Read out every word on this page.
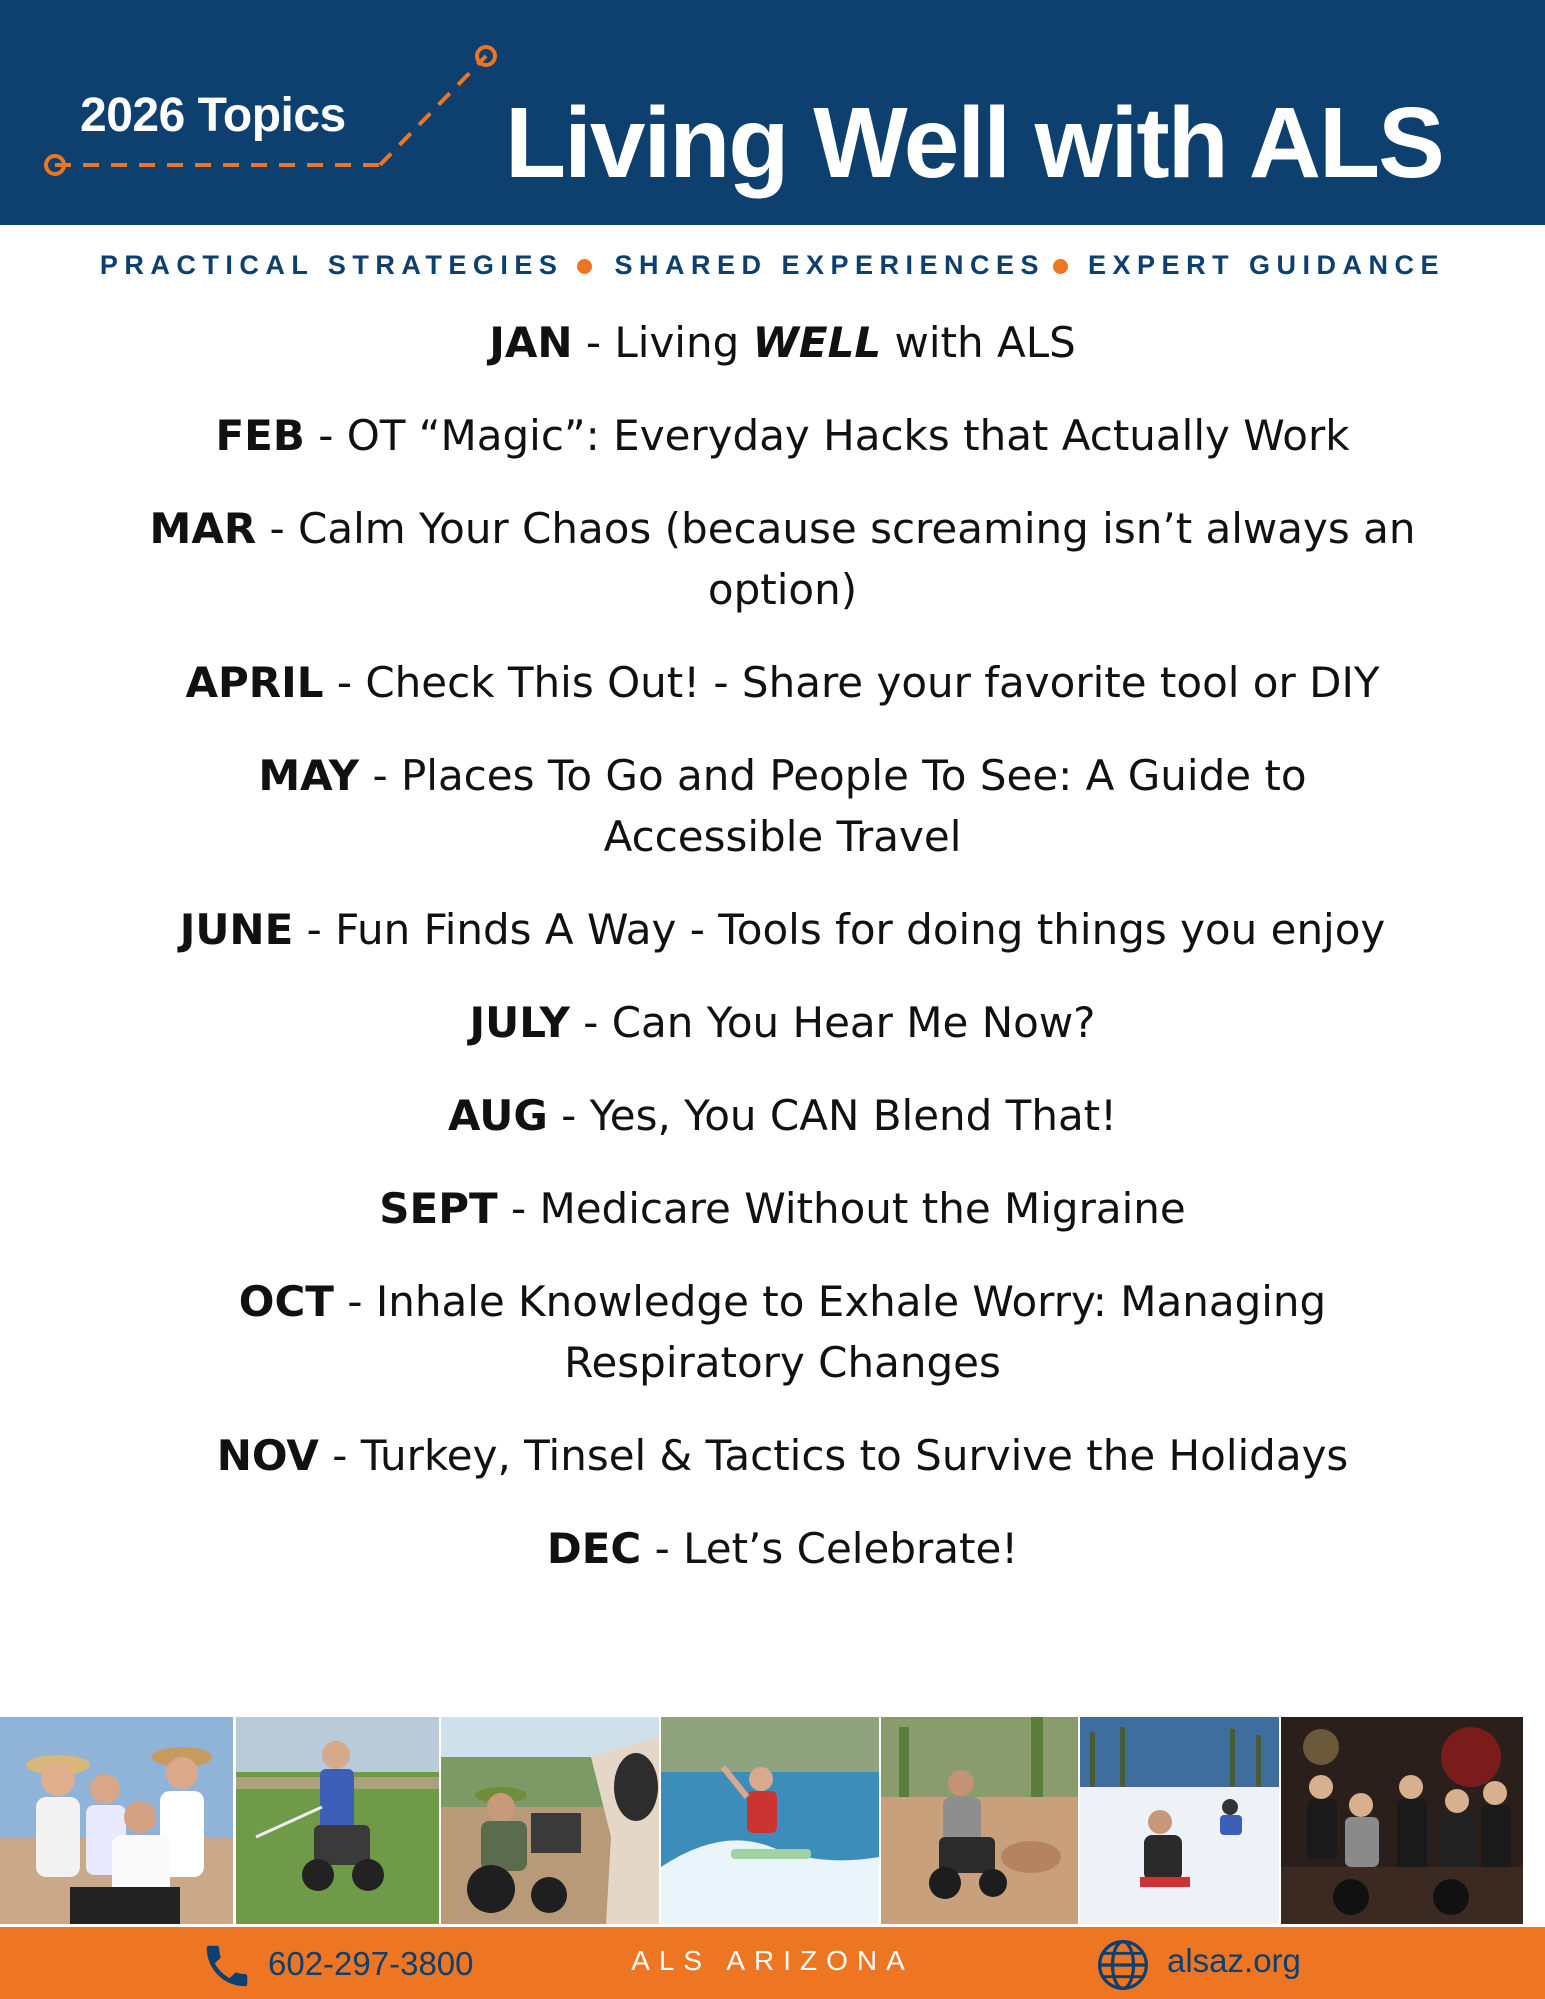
2026 Topics Living Well with ALS
PRACTICAL STRATEGIES SHARED EXPERIENCES EXPERT GUIDANCE
JAN - Living WELL with ALS
FEB - OT “Magic”: Everyday Hacks that Actually Work
MAR - Calm Your Chaos (because screaming isn’t always an option)
APRIL - Check This Out! - Share your favorite tool or DIY
MAY - Places To Go and People To See: A Guide to Accessible Travel
JUNE - Fun Finds A Way - Tools for doing things you enjoy
JULY - Can You Hear Me Now?
AUG - Yes, You CAN Blend That!
SEPT - Medicare Without the Migraine
OCT - Inhale Knowledge to Exhale Worry: Managing Respiratory Changes
NOV - Turkey, Tinsel & Tactics to Survive the Holidays
DEC - Let’s Celebrate!
602-297-3800	ALS ARIZONA	alsaz.org
